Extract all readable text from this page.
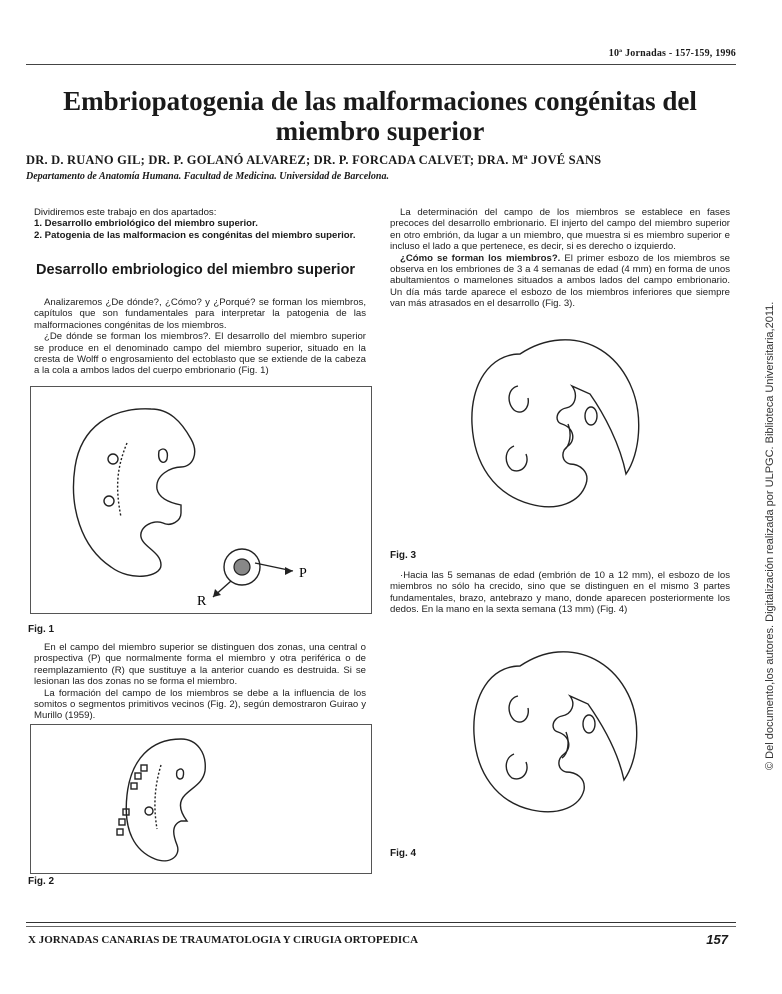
10ª Jornadas - 157-159, 1996
Embriopatogenia de las malformaciones congénitas del miembro superior
DR. D. RUANO GIL; DR. P. GOLANÓ ALVAREZ; DR. P. FORCADA CALVET; DRA. Mª JOVÉ SANS
Departamento de Anatomía Humana. Facultad de Medicina. Universidad de Barcelona.
Dividiremos este trabajo en dos apartados:
1. Desarrollo embriológico del miembro superior.
2. Patogenia de las malformacion es congénitas del miembro superior.
Desarrollo embriologico del miembro superior

Analizaremos ¿De dónde?, ¿Cómo? y ¿Porqué? se forman los miembros, capítulos que son fundamentales para interpretar la patogenia de las malformaciones congénitas de los miembros.

¿De dónde se forman los miembros?. El desarrollo del miembro superior se produce en el denominado campo del miembro superior, situado en la cresta de Wolff o engrosamiento del ectoblasto que se extiende de la cabeza a la cola a ambos lados del cuerpo embrionario (Fig. 1)

P
R
Fig. 1

En el campo del miembro superior se distinguen dos zonas, una central o prospectiva (P) que normalmente forma el miembro y otra periférica o de reemplazamiento (R) que sustituye a la anterior cuando es destruida. Si se lesionan las dos zonas no se forma el miembro.

La formación del campo de los miembros se debe a la influencia de los somitos o segmentos primitivos vecinos (Fig. 2), según demostraron Guirao y Murillo (1959).

Fig. 2

La determinación del campo de los miembros se establece en fases precoces del desarrollo embrionario. El injerto del campo del miembro superior en otro embrión, da lugar a un miembro, que muestra si es miembro superior e incluso el lado a que pertenece, es decir, si es derecho o izquierdo.

¿Cómo se forman los miembros?. El primer esbozo de los miembros se observa en los embriones de 3 a 4 semanas de edad (4 mm) en forma de unos abultamientos o mamelones situados a ambos lados del campo embrionario. Un día más tarde aparece el esbozo de los miembros inferiores que siempre van más atrasados en el desarrollo (Fig. 3).

Fig. 3

·Hacia las 5 semanas de edad (embrión de 10 a 12 mm), el esbozo de los miembros no sólo ha crecido, sino que se distinguen en el mismo 3 partes fundamentales, brazo, antebrazo y mano, donde aparecen posteriormente los dedos. En la mano en la sexta semana (13 mm) (Fig. 4)

Fig. 4
X JORNADAS CANARIAS DE TRAUMATOLOGIA Y CIRUGIA ORTOPEDICA	157
© Del documento,los autores. Digitalización realizada por ULPGC. Biblioteca Universitaria,2011.
